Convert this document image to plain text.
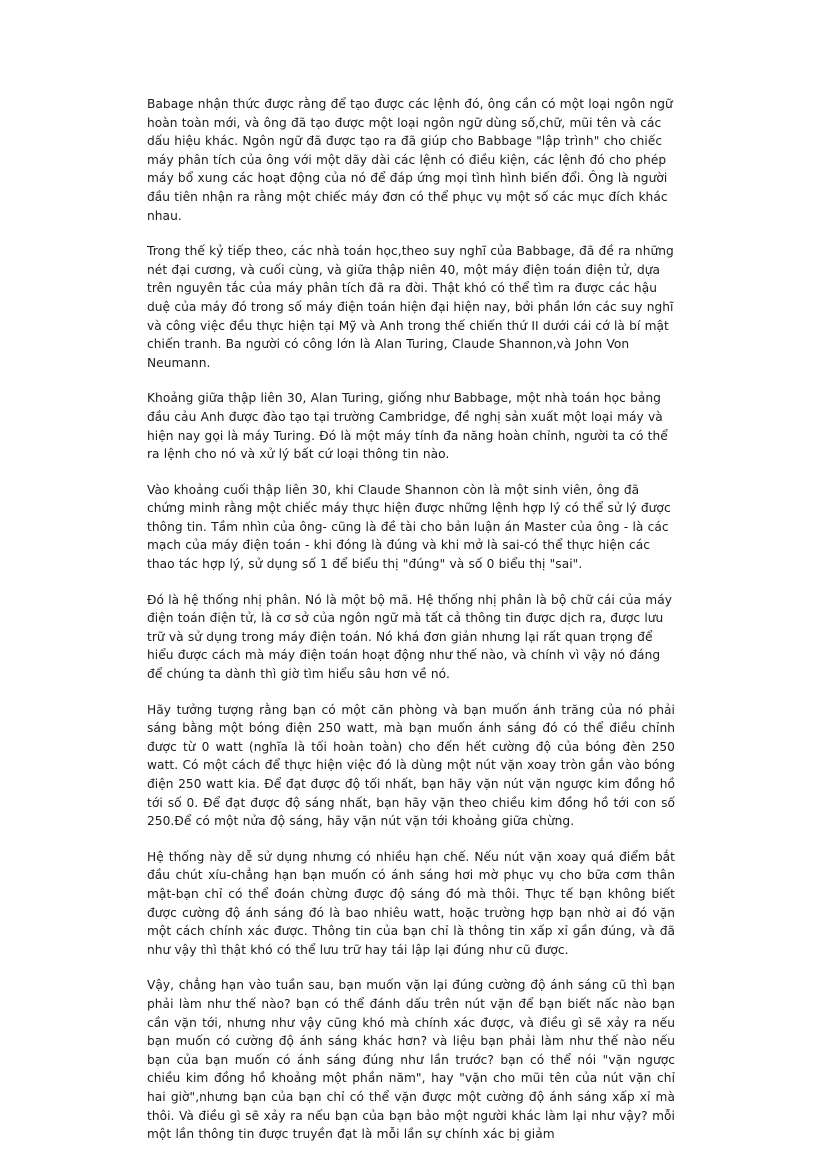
Babage nhận thức được rằng để tạo được các lệnh đó, ông cần có một loại ngôn ngữ hoàn toàn mới, và ông đã tạo được một loại ngôn ngữ dùng số,chữ, mũi tên và các dấu hiệu khác. Ngôn ngữ đã được tạo ra đã giúp cho Babbage "lập trình" cho chiếc máy phân tích của ông với một dãy dài các lệnh có điều kiện, các lệnh đó cho phép máy bổ xung các hoạt động của nó để đáp ứng mọi tình hình biến đổi. Ông là người đầu tiên nhận ra rằng một chiếc máy đơn có thể phục vụ một số các mục đích khác nhau.

Trong thế kỷ tiếp theo, các nhà toán học,theo suy nghĩ của Babbage, đã đề ra những nét đại cương, và cuối cùng, và giữa thập niên 40, một máy điện toán điện tử, dựa trên nguyên tắc của máy phân tích đã ra đời. Thật khó có thể tìm ra được các hậu duệ của máy đó trong số máy điện toán hiện đại hiện nay, bởi phần lớn các suy nghĩ và công việc đều thực hiện tại Mỹ và Anh trong thế chiến thứ II dưới cái cớ là bí mật chiến tranh. Ba người có công lớn là Alan Turing, Claude Shannon,và John Von Neumann.

Khoảng giữa thập liên 30, Alan Turing, giống như Babbage, một nhà toán học bảng đầu cảu Anh được đào tạo tại trường Cambridge, đề nghị sản xuất một loại máy và hiện nay gọi là máy Turing. Đó là một máy tính đa năng hoàn chỉnh, người ta có thể ra lệnh cho nó và xử lý bất cứ loại thông tin nào.

Vào khoảng cuối thập liên 30, khi Claude Shannon còn là một sinh viên, ông đã chứng minh rằng một chiếc máy thực hiện được những lệnh hợp lý có thể sử lý được thông tin. Tầm nhìn của ông- cũng là đề tài cho bản luận án Master của ông - là các mạch của máy điện toán - khi đóng là đúng và khi mở là sai-có thể thực hiện các thao tác hợp lý, sử dụng số 1 để biểu thị "đúng" và số 0 biểu thị "sai".

Đó là hệ thống nhị phân. Nó là một bộ mã. Hệ thống nhị phân là bộ chữ cái của máy điện toán điện tử, là cơ sở của ngôn ngữ mà tất cả thông tin được dịch ra, được lưu trữ và sử dụng trong máy điện toán. Nó khá đơn giản nhưng lại rất quan trọng để hiểu được cách mà máy điện toán hoạt động như thế nào, và chính vì vậy nó đáng để chúng ta dành thì giờ tìm hiểu sâu hơn về nó.

Hãy tưởng tượng rằng bạn có một căn phòng và bạn muốn ánh trăng của nó phải sáng bằng một bóng điện 250 watt, mà bạn muốn ánh sáng đó có thể điều chỉnh được từ 0 watt (nghĩa là tối hoàn toàn) cho đến hết cường độ của bóng đèn 250 watt. Có một cách để thực hiện việc đó là dùng một nút vặn xoay tròn gắn vào bóng điện 250 watt kia. Để đạt được độ tối nhất, bạn hãy vặn nút vặn ngược kim đồng hồ tới số 0. Để đạt được độ sáng nhất, bạn hãy vặn theo chiều kim đồng hồ tới con số 250.Để có một nửa độ sáng, hãy vặn nút vặn tới khoảng giữa chừng.

Hệ thống này dễ sử dụng nhưng có nhiều hạn chế. Nếu nút vặn xoay quá điểm bắt đầu chút xíu-chẳng hạn bạn muốn có ánh sáng hơi mờ phục vụ cho bữa cơm thân mật-bạn chỉ có thể đoán chừng được độ sáng đó mà thôi. Thực tế bạn không biết được cường độ ánh sáng đó là bao nhiêu watt, hoặc trường hợp bạn nhờ ai đó vặn một cách chính xác được. Thông tin của bạn chỉ là thông tin xấp xỉ gần đúng, và đã như vậy thì thật khó có thể lưu trữ hay tái lập lại đúng như cũ được.

Vậy, chẳng hạn vào tuần sau, bạn muốn vặn lại đúng cường độ ánh sáng cũ thì bạn phải làm như thế nào? bạn có thể đánh dấu trên nút vặn để bạn biết nấc nào bạn cần vặn tới, nhưng như vậy cũng khó mà chính xác được, và điều gì sẽ xảy ra nếu bạn muốn có cường độ ánh sáng khác hơn? và liệu bạn phải làm như thế nào nếu bạn của bạn muốn có ánh sáng đúng như lần trước? bạn có thể nói "vặn ngược chiều kim đồng hồ khoảng một phần năm", hay "vặn cho mũi tên của nút vặn chỉ hai giờ",nhưng bạn của bạn chỉ có thể vặn được một cường độ ánh sáng xấp xỉ mà thôi. Và điều gì sẽ xảy ra nếu bạn của bạn bảo một người khác làm lại như vậy? mỗi một lần thông tin được truyền đạt là mỗi lần sự chính xác bị giảm
